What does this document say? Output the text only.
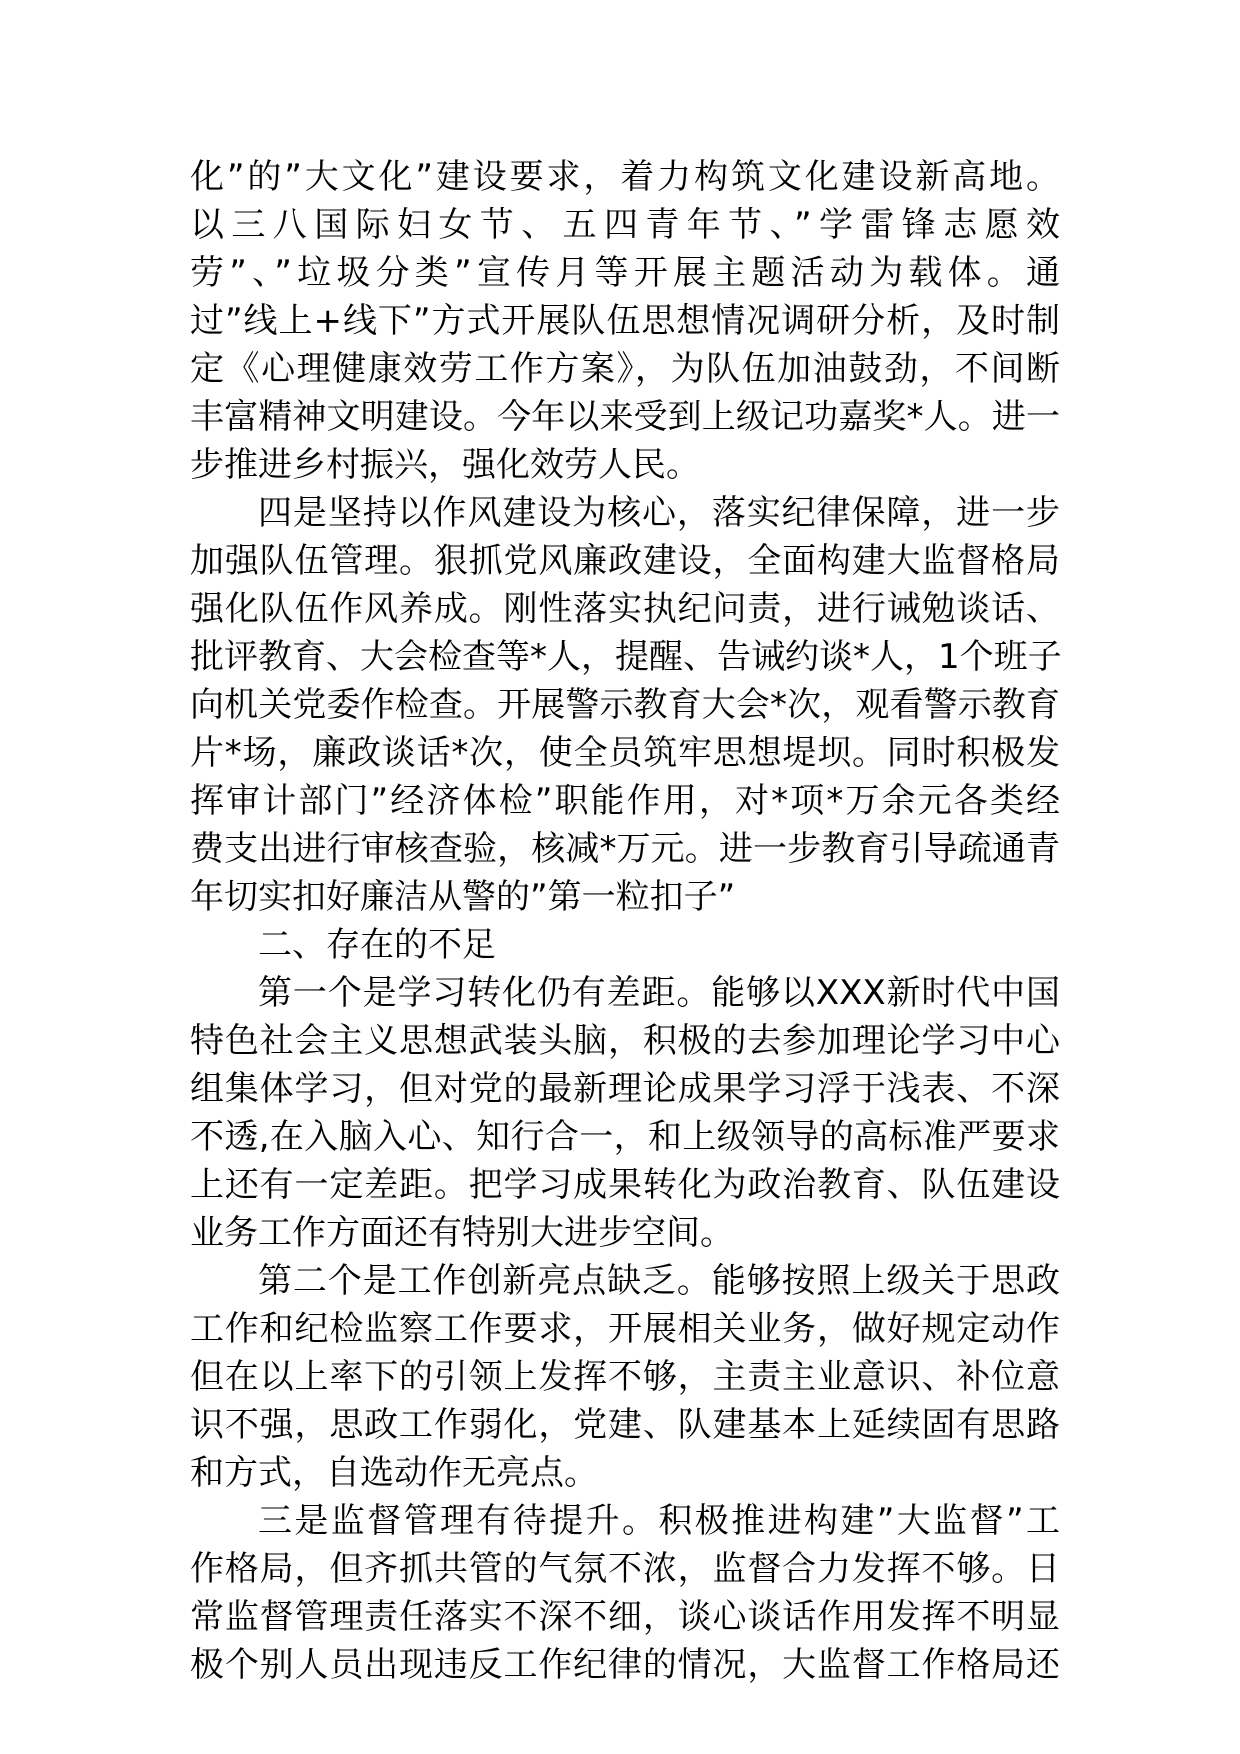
化”的”大文化”建设要求，着力构筑文化建设新高地。
以三八国际妇女节、五四青年节、”学雷锋志愿效
劳”、”垃圾分类”宣传月等开展主题活动为载体。通
过”线上+线下”方式开展队伍思想情况调研分析，及时制
定《心理健康效劳工作方案》，为队伍加油鼓劲，不间断
丰富精神文明建设。今年以来受到上级记功嘉奖*人。进一
步推进乡村振兴，强化效劳人民。
四是坚持以作风建设为核心，落实纪律保障，进一步
加强队伍管理。狠抓党风廉政建设，全面构建大监督格局
强化队伍作风养成。刚性落实执纪问责，进行诫勉谈话、
批评教育、大会检查等*人，提醒、告诫约谈*人，1个班子
向机关党委作检查。开展警示教育大会*次，观看警示教育
片*场，廉政谈话*次，使全员筑牢思想堤坝。同时积极发
挥审计部门”经济体检”职能作用，对*项*万余元各类经
费支出进行审核查验，核减*万元。进一步教育引导疏通青
年切实扣好廉洁从警的”第一粒扣子”
二、存在的不足
第一个是学习转化仍有差距。能够以XXX新时代中国
特色社会主义思想武装头脑，积极的去参加理论学习中心
组集体学习，但对党的最新理论成果学习浮于浅表、不深
不透,在入脑入心、知行合一，和上级领导的高标准严要求
上还有一定差距。把学习成果转化为政治教育、队伍建设
业务工作方面还有特别大进步空间。
第二个是工作创新亮点缺乏。能够按照上级关于思政
工作和纪检监察工作要求，开展相关业务，做好规定动作
但在以上率下的引领上发挥不够，主责主业意识、补位意
识不强，思政工作弱化，党建、队建基本上延续固有思路
和方式，自选动作无亮点。
三是监督管理有待提升。积极推进构建”大监督”工
作格局，但齐抓共管的气氛不浓，监督合力发挥不够。日
常监督管理责任落实不深不细，谈心谈话作用发挥不明显
极个别人员出现违反工作纪律的情况，大监督工作格局还
